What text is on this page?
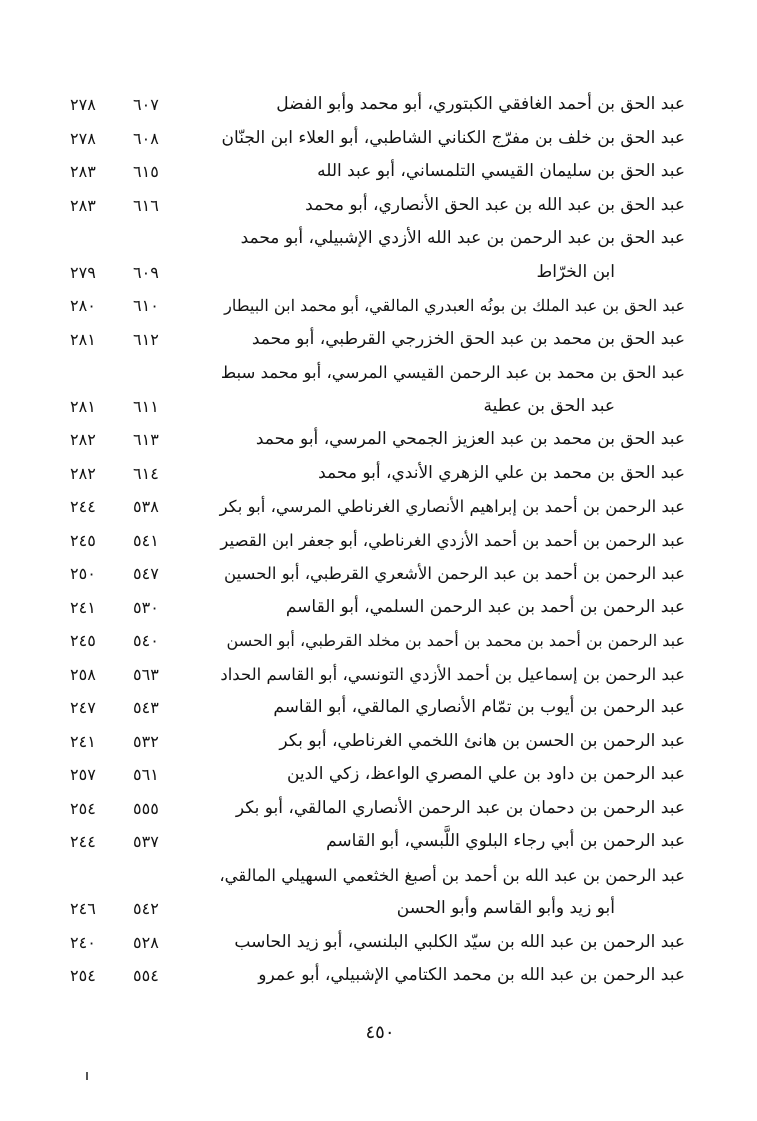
عبد الحق بن أحمد الغافقي الكبتوري، أبو محمد وأبو الفضل
٦٠٧
٢٧٨
عبد الحق بن خلف بن مفرّج الكناني الشاطبي، أبو العلاء ابن الجنّان
٦٠٨
٢٧٨
عبد الحق بن سليمان القيسي التلمساني، أبو عبد الله
٦١٥
٢٨٣
عبد الحق بن عبد الله بن عبد الحق الأنصاري، أبو محمد
٦١٦
٢٨٣
عبد الحق بن عبد الرحمن بن عبد الله الأزدي الإشبيلي، أبو محمد
ابن الخرّاط
٦٠٩
٢٧٩
عبد الحق بن عبد الملك بن بونُه العبدري المالقي، أبو محمد ابن البيطار
٦١٠
٢٨٠
عبد الحق بن محمد بن عبد الحق الخزرجي القرطبي، أبو محمد
٦١٢
٢٨١
عبد الحق بن محمد بن عبد الرحمن القيسي المرسي، أبو محمد سبط
عبد الحق بن عطية
٦١١
٢٨١
عبد الحق بن محمد بن عبد العزيز الجمحي المرسي، أبو محمد
٦١٣
٢٨٢
عبد الحق بن محمد بن علي الزهري الأندي، أبو محمد
٦١٤
٢٨٢
عبد الرحمن بن أحمد بن إبراهيم الأنصاري الغرناطي المرسي، أبو بكر
٥٣٨
٢٤٤
عبد الرحمن بن أحمد بن أحمد الأزدي الغرناطي، أبو جعفر ابن القصير
٥٤١
٢٤٥
عبد الرحمن بن أحمد بن عبد الرحمن الأشعري القرطبي، أبو الحسين
٥٤٧
٢٥٠
عبد الرحمن بن أحمد بن عبد الرحمن السلمي، أبو القاسم
٥٣٠
٢٤١
عبد الرحمن بن أحمد بن محمد بن أحمد بن مخلد القرطبي، أبو الحسن
٥٤٠
٢٤٥
عبد الرحمن بن إسماعيل بن أحمد الأزدي التونسي، أبو القاسم الحداد
٥٦٣
٢٥٨
عبد الرحمن بن أيوب بن تمّام الأنصاري المالقي، أبو القاسم
٥٤٣
٢٤٧
عبد الرحمن بن الحسن بن هانئ اللخمي الغرناطي، أبو بكر
٥٣٢
٢٤١
عبد الرحمن بن داود بن علي المصري الواعظ، زكي الدين
٥٦١
٢٥٧
عبد الرحمن بن دحمان بن عبد الرحمن الأنصاري المالقي، أبو بكر
٥٥٥
٢٥٤
عبد الرحمن بن أبي رجاء البلوي اللَّبسي، أبو القاسم
٥٣٧
٢٤٤
عبد الرحمن بن عبد الله بن أحمد بن أصبغ الخثعمي السهيلي المالقي،
أبو زيد وأبو القاسم وأبو الحسن
٥٤٢
٢٤٦
عبد الرحمن بن عبد الله بن سيّد الكلبي البلنسي، أبو زيد الحاسب
٥٢٨
٢٤٠
عبد الرحمن بن عبد الله بن محمد الكتامي الإشبيلي، أبو عمرو
٥٥٤
٢٥٤
٤٥٠
